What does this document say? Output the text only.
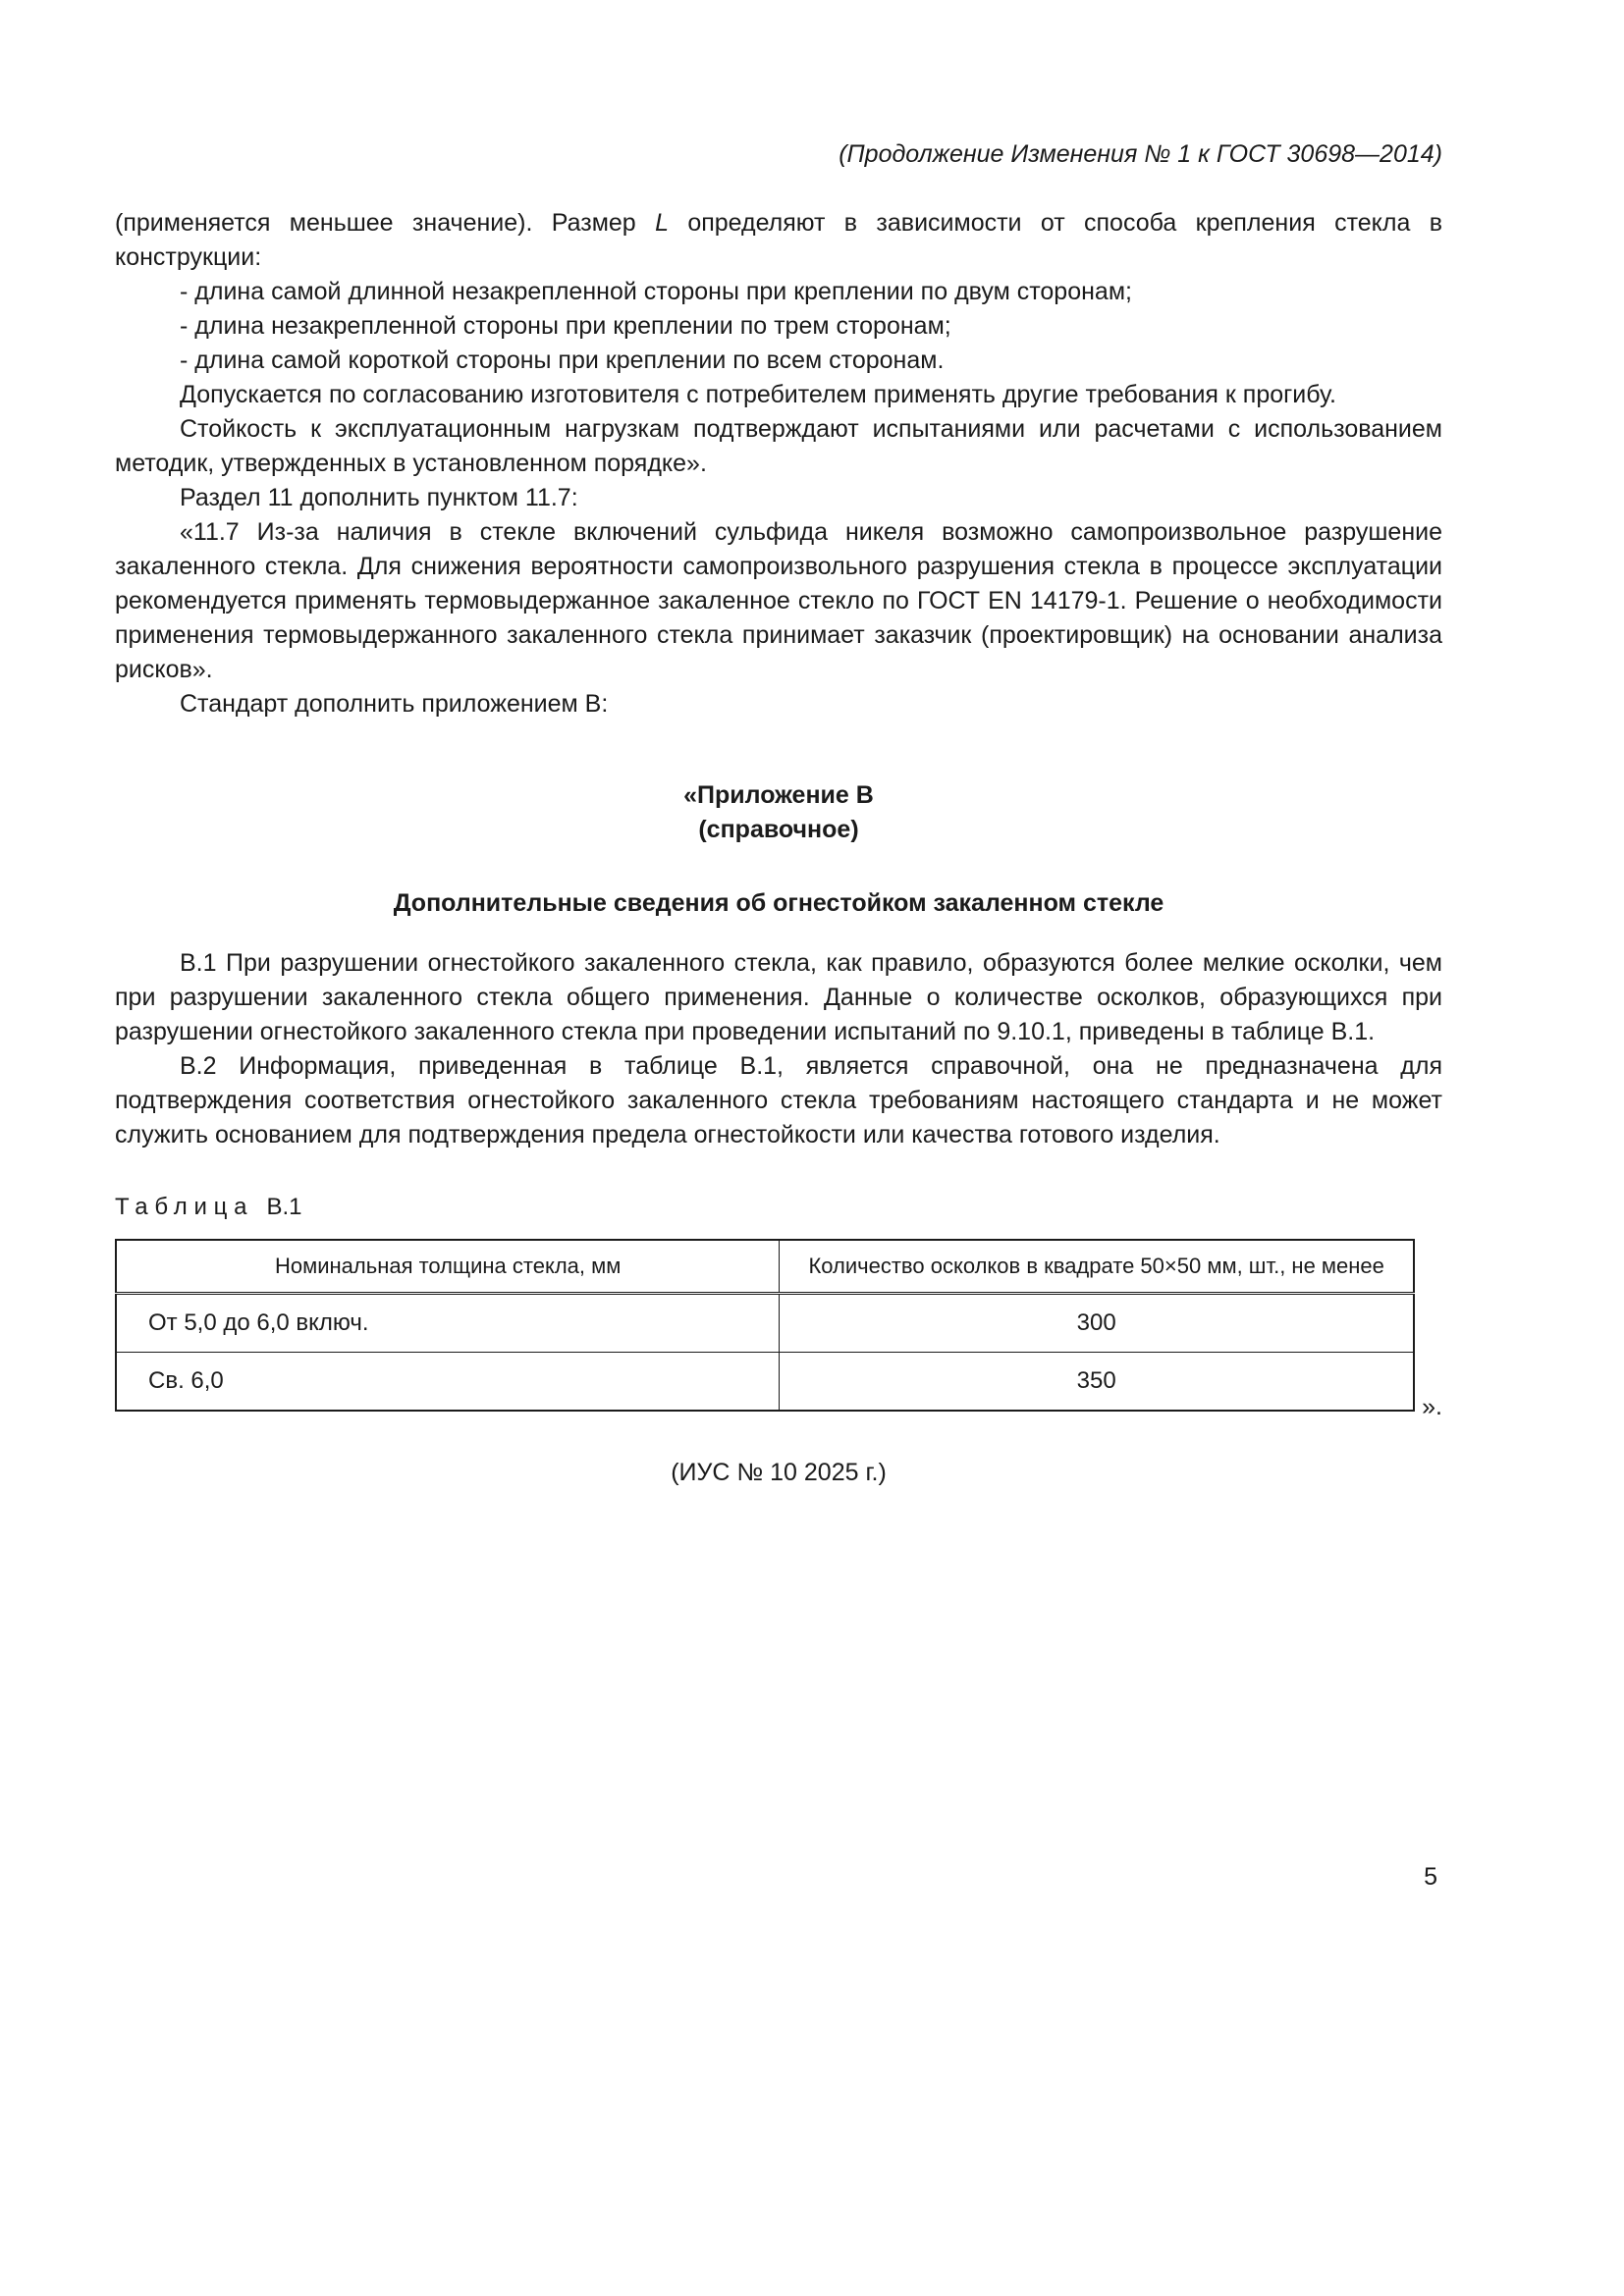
(Продолжение Изменения № 1 к ГОСТ 30698—2014)

(применяется меньшее значение). Размер L определяют в зависимости от способа крепления стекла в конструкции:

- длина самой длинной незакрепленной стороны при креплении по двум сторонам;

- длина незакрепленной стороны при креплении по трем сторонам;

- длина самой короткой стороны при креплении по всем сторонам.

Допускается по согласованию изготовителя с потребителем применять другие требования к прогибу.

Стойкость к эксплуатационным нагрузкам подтверждают испытаниями или расчетами с использованием методик, утвержденных в установленном порядке».

Раздел 11 дополнить пунктом 11.7:

«11.7 Из-за наличия в стекле включений сульфида никеля возможно самопроизвольное разрушение закаленного стекла. Для снижения вероятности самопроизвольного разрушения стекла в процессе эксплуатации рекомендуется применять термовыдержанное закаленное стекло по ГОСТ EN 14179-1. Решение о необходимости применения термовыдержанного закаленного стекла принимает заказчик (проектировщик) на основании анализа рисков».

Стандарт дополнить приложением В:

«Приложение В

(справочное)

Дополнительные сведения об огнестойком закаленном стекле

В.1 При разрушении огнестойкого закаленного стекла, как правило, образуются более мелкие осколки, чем при разрушении закаленного стекла общего применения. Данные о количестве осколков, образующихся при разрушении огнестойкого закаленного стекла при проведении испытаний по 9.10.1, приведены в таблице В.1.

В.2 Информация, приведенная в таблице В.1, является справочной, она не предназначена для подтверждения соответствия огнестойкого закаленного стекла требованиям настоящего стандарта и не может служить основанием для подтверждения предела огнестойкости или качества готового изделия.

Таблица В.1
Номинальная толщина стекла, мм	Количество осколков в квадрате 50×50 мм, шт., не менее
От 5,0 до 6,0 включ.	300
Св. 6,0	350
».

(ИУС № 10 2025 г.)

5
